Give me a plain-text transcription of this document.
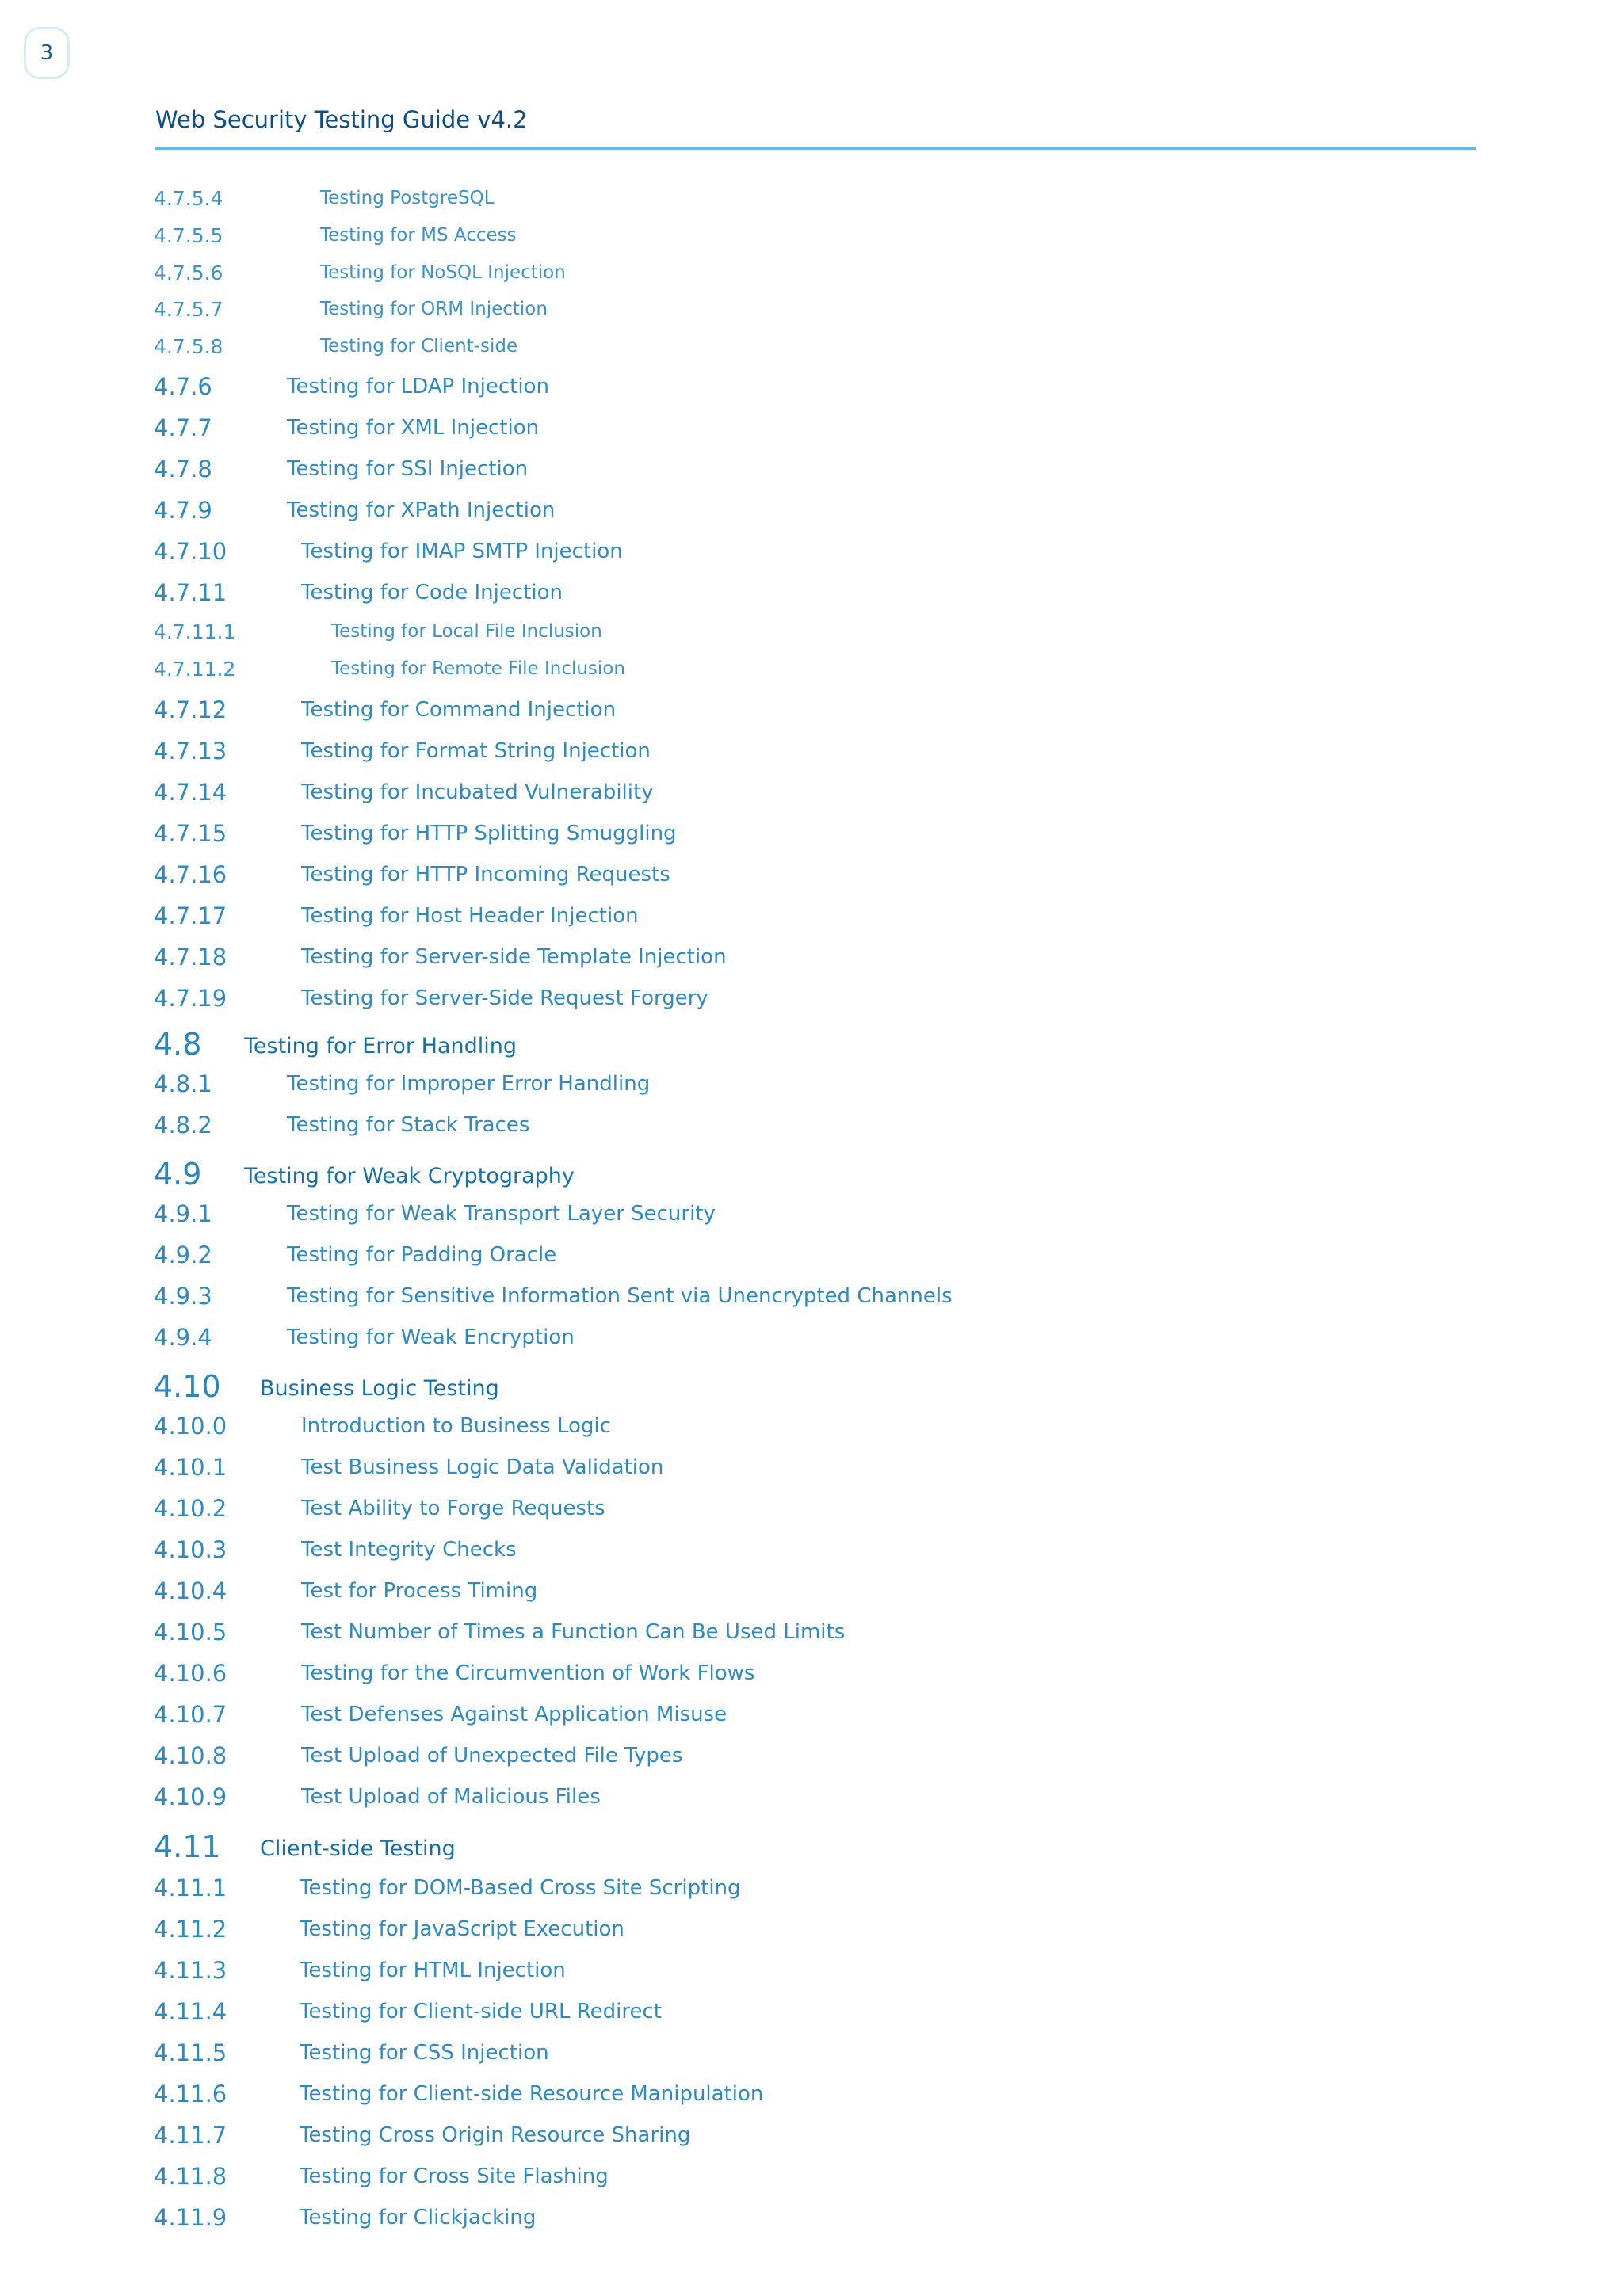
3
Web Security Testing Guide v4.2
4.7.5.4	Testing PostgreSQL
4.7.5.5	Testing for MS Access
4.7.5.6	Testing for NoSQL Injection
4.7.5.7	Testing for ORM Injection
4.7.5.8	Testing for Client-side
4.7.6	Testing for LDAP Injection
4.7.7	Testing for XML Injection
4.7.8	Testing for SSI Injection
4.7.9	Testing for XPath Injection
4.7.10	Testing for IMAP SMTP Injection
4.7.11	Testing for Code Injection
4.7.11.1	Testing for Local File Inclusion
4.7.11.2	Testing for Remote File Inclusion
4.7.12	Testing for Command Injection
4.7.13	Testing for Format String Injection
4.7.14	Testing for Incubated Vulnerability
4.7.15	Testing for HTTP Splitting Smuggling
4.7.16	Testing for HTTP Incoming Requests
4.7.17	Testing for Host Header Injection
4.7.18	Testing for Server-side Template Injection
4.7.19	Testing for Server-Side Request Forgery
4.8 Testing for Error Handling
4.8.1	Testing for Improper Error Handling
4.8.2	Testing for Stack Traces
4.9 Testing for Weak Cryptography
4.9.1	Testing for Weak Transport Layer Security
4.9.2	Testing for Padding Oracle
4.9.3	Testing for Sensitive Information Sent via Unencrypted Channels
4.9.4	Testing for Weak Encryption
4.10 Business Logic Testing
4.10.0	Introduction to Business Logic
4.10.1	Test Business Logic Data Validation
4.10.2	Test Ability to Forge Requests
4.10.3	Test Integrity Checks
4.10.4	Test for Process Timing
4.10.5	Test Number of Times a Function Can Be Used Limits
4.10.6	Testing for the Circumvention of Work Flows
4.10.7	Test Defenses Against Application Misuse
4.10.8	Test Upload of Unexpected File Types
4.10.9	Test Upload of Malicious Files
4.11 Client-side Testing
4.11.1	Testing for DOM-Based Cross Site Scripting
4.11.2	Testing for JavaScript Execution
4.11.3	Testing for HTML Injection
4.11.4	Testing for Client-side URL Redirect
4.11.5	Testing for CSS Injection
4.11.6	Testing for Client-side Resource Manipulation
4.11.7	Testing Cross Origin Resource Sharing
4.11.8	Testing for Cross Site Flashing
4.11.9	Testing for Clickjacking
